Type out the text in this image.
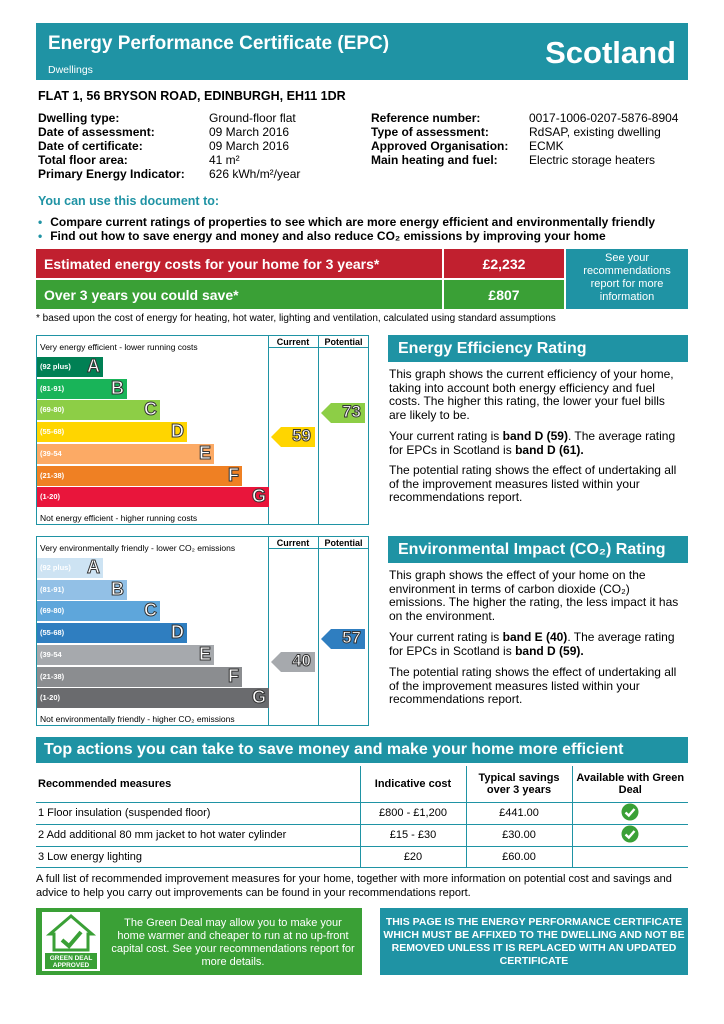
Energy Performance Certificate (EPC)
Dwellings	Scotland
FLAT 1, 56 BRYSON ROAD, EDINBURGH, EH11 1DR
Dwelling type:	Ground-floor flat
Date of assessment:	09 March 2016
Date of certificate:	09 March 2016
Total floor area:	41 m²
Primary Energy Indicator: 626 kWh/m²/year
Reference number:	0017-1006-0207-5876-8904
Type of assessment:	RdSAP, existing dwelling
Approved Organisation: ECMK
Main heating and fuel:	Electric storage heaters
You can use this document to:
• Compare current ratings of properties to see which are more energy efficient and environmentally friendly
• Find out how to save energy and money and also reduce CO₂ emissions by improving your home
Estimated energy costs for your home for 3 years*	£2,232
Over 3 years you could save*	£807
See your recommendations report for more information
* based upon the cost of energy for heating, hot water, lighting and ventilation, calculated using standard assumptions
Current	Potential
Very energy efficient - lower running costs
Not energy efficient - higher running costs
(92 plus) A
(81-91)	B
(69-80)	C
(55-68)	D
(39-54	E
(21-38)	F
(1-20)	G
59
73
Energy Efficiency Rating
This graph shows the current efficiency of your home, taking into account both energy efficiency and fuel costs. The higher this rating, the lower your fuel bills are likely to be.
Your current rating is band D (59). The average rating for EPCs in Scotland is band D (61).
The potential rating shows the effect of undertaking all of the improvement measures listed within your recommendations report.
Current	Potential
Very environmentally friendly - lower CO₂ emissions
Not environmentally friendly - higher CO₂ emissions
(92 plus) A
(81-91)	B
(69-80)	C
(55-68)	D
(39-54	E
(21-38)	F
(1-20)	G
40
57
Environmental Impact (CO₂) Rating
This graph shows the effect of your home on the environment in terms of carbon dioxide (CO₂) emissions. The higher the rating, the less impact it has on the environment.
Your current rating is band E (40). The average rating for EPCs in Scotland is band D (59).
The potential rating shows the effect of undertaking all of the improvement measures listed within your recommendations report.
Top actions you can take to save money and make your home more efficient
Recommended measures	Indicative cost	Typical savings over 3 years	Available with Green Deal
1 Floor insulation (suspended floor)	£800 - £1,200	£441.00	
2 Add additional 80 mm jacket to hot water cylinder	£15 - £30	£30.00	
3 Low energy lighting	£20	£60.00	
A full list of recommended improvement measures for your home, together with more information on potential cost and savings and advice to help you carry out improvements can be found in your recommendations report.
GREEN DEAL
APPROVED
The Green Deal may allow you to make your home warmer and cheaper to run at no up-front capital cost. See your recommendations report for more details.
THIS PAGE IS THE ENERGY PERFORMANCE CERTIFICATE WHICH MUST BE AFFIXED TO THE DWELLING AND NOT BE REMOVED UNLESS IT IS REPLACED WITH AN UPDATED CERTIFICATE
